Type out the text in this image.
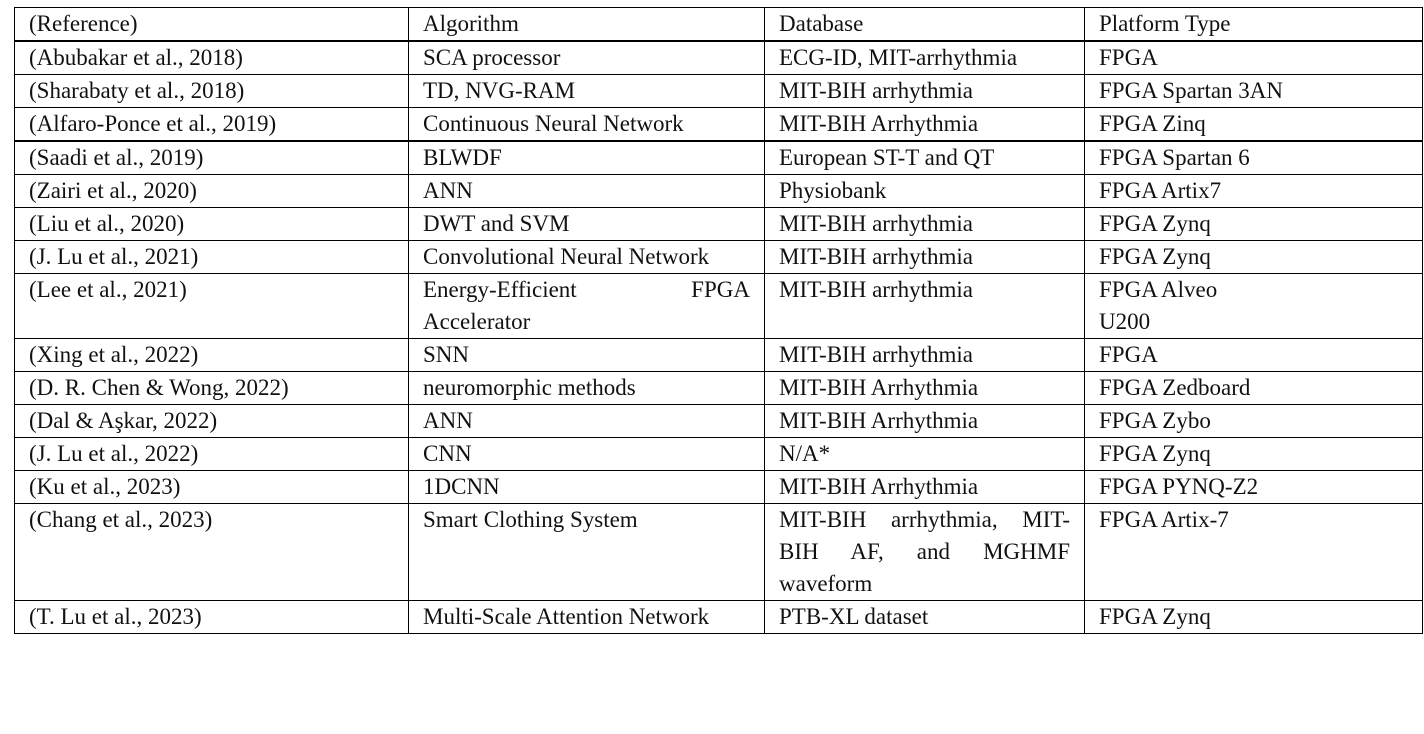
(Reference)	Algorithm	Database	Platform Type
(Abubakar et al., 2018)	SCA processor	ECG-ID, MIT-arrhythmia	FPGA
(Sharabaty et al., 2018)	TD, NVG-RAM	MIT-BIH arrhythmia	FPGA Spartan 3AN
(Alfaro-Ponce et al., 2019)	Continuous Neural Network	MIT-BIH Arrhythmia	FPGA Zinq
(Saadi et al., 2019)	BLWDF	European ST-T and QT	FPGA Spartan 6
(Zairi et al., 2020)	ANN	Physiobank	FPGA Artix7
(Liu et al., 2020)	DWT and SVM	MIT-BIH arrhythmia	FPGA Zynq
(J. Lu et al., 2021)	Convolutional Neural Network	MIT-BIH arrhythmia	FPGA Zynq
(Lee et al., 2021)	Energy-Efficient FPGA Accelerator	MIT-BIH arrhythmia	FPGA Alveo U200
(Xing et al., 2022)	SNN	MIT-BIH arrhythmia	FPGA
(D. R. Chen & Wong, 2022)	neuromorphic methods	MIT-BIH Arrhythmia	FPGA Zedboard
(Dal & Aşkar, 2022)	ANN	MIT-BIH Arrhythmia	FPGA Zybo
(J. Lu et al., 2022)	CNN	N/A*	FPGA Zynq
(Ku et al., 2023)	1DCNN	MIT-BIH Arrhythmia	FPGA PYNQ-Z2
(Chang et al., 2023)	Smart Clothing System	MIT-BIH arrhythmia, MIT-BIH AF, and MGHMF waveform	FPGA Artix-7
(T. Lu et al., 2023)	Multi-Scale Attention Network	PTB-XL dataset	FPGA Zynq
